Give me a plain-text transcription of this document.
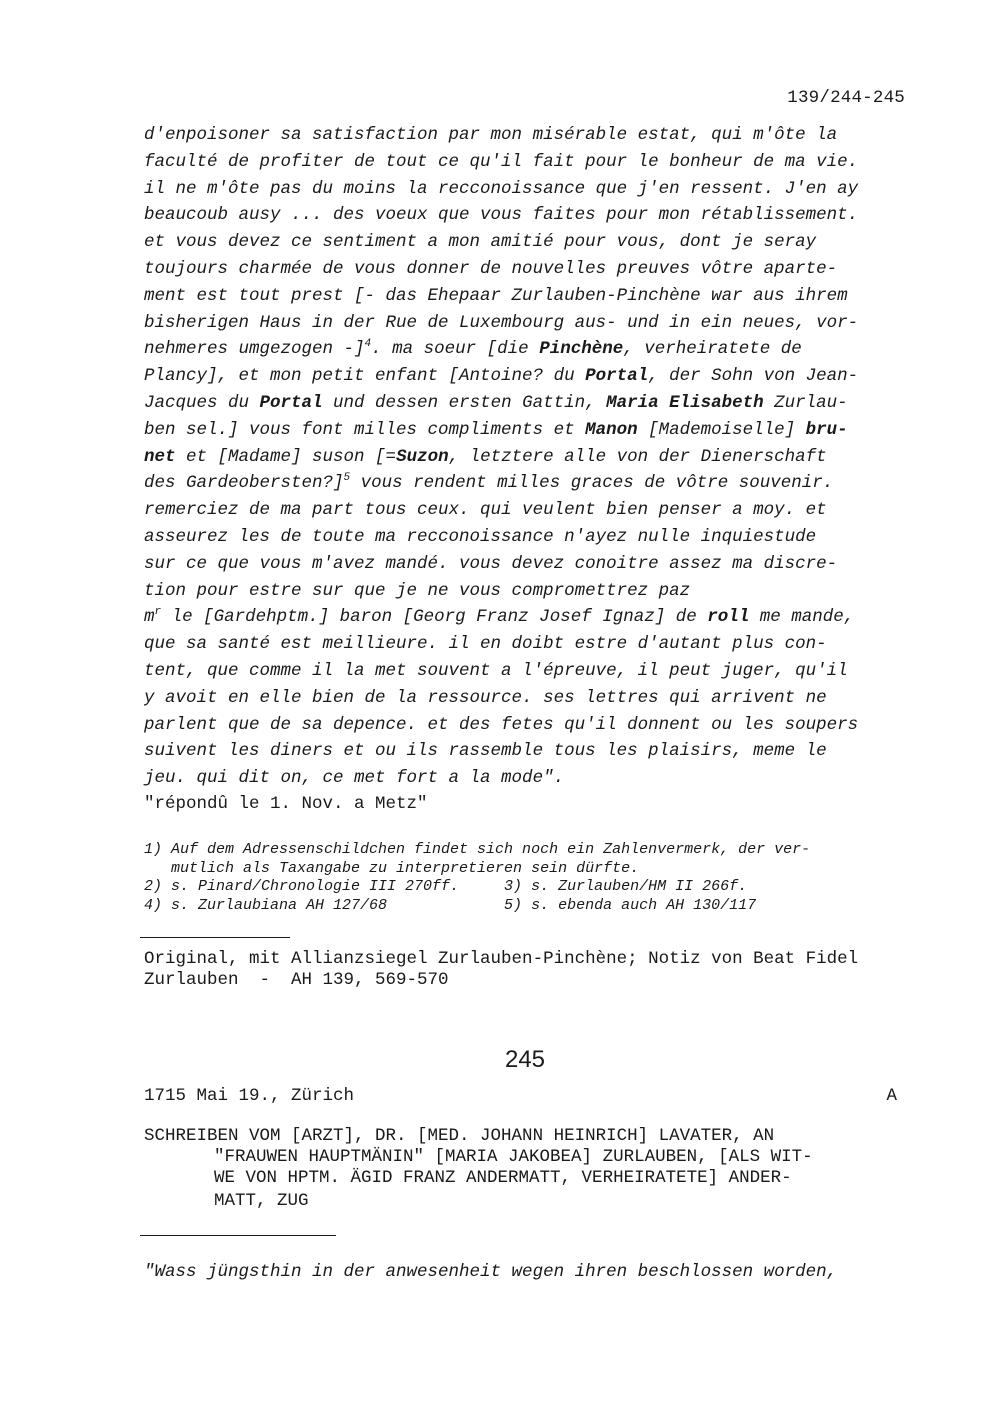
139/244-245
d'enpoisoner sa satisfaction par mon misérable estat, qui m'ôte la
faculté de profiter de tout ce qu'il fait pour le bonheur de ma vie.
il ne m'ôte pas du moins la recconoissance que j'en ressent. J'en ay
beaucoub ausy ... des voeux que vous faites pour mon rétablissement.
et vous devez ce sentiment a mon amitié pour vous, dont je seray
toujours charmée de vous donner de nouvelles preuves vôtre aparte-
ment est tout prest [- das Ehepaar Zurlauben-Pinchène war aus ihrem
bisherigen Haus in der Rue de Luxembourg aus- und in ein neues, vor-
nehmeres umgezogen -]$^4$. ma soeur [die Pinchène, verheiratete de
Plancy], et mon petit enfant [Antoine? du Portal, der Sohn von Jean-
Jacques du Portal und dessen ersten Gattin, Maria Elisabeth Zurlau-
ben sel.] vous font milles compliments et Manon [Mademoiselle] bru-
net et [Madame] suson [=Suzon, letztere alle von der Dienerschaft
des Gardeobersten?]$^5$ vous rendent milles graces de vôtre souvenir.
remerciez de ma part tous ceux. qui veulent bien penser a moy. et
asseurez les de toute ma recconoissance n'ayez nulle inquiestude
sur ce que vous m'avez mandé. vous devez conoitre assez ma discre-
tion pour estre sur que je ne vous compromettrez paz
$m^r$ le [Gardehptm.] baron [Georg Franz Josef Ignaz] de roll me mande,
que sa santé est meillieure. il en doibt estre d'autant plus con-
tent, que comme il la met souvent a l'épreuve, il peut juger, qu'il
y avoit en elle bien de la ressource. ses lettres qui arrivent ne
parlent que de sa depence. et des fetes qu'il donnent ou les soupers
suivent les diners et ou ils rassemble tous les plaisirs, meme le
jeu. qui dit on, ce met fort a la mode".
"répondû le 1. Nov. a Metz"
1) Auf dem Adressenschildchen findet sich noch ein Zahlenvermerk, der ver-
mutlich als Taxangabe zu interpretieren sein dürfte.
2) s. Pinard/Chronologie III 270ff.     3) s. Zurlauben/HM II 266f.
4) s. Zurlaubiana AH 127/68             5) s. ebenda auch AH 130/117
Original, mit Allianzsiegel Zurlauben-Pinchène; Notiz von Beat Fidel
Zurlauben  -  AH 139, 569-570
245
1715 Mai 19., Zürich	A
SCHREIBEN VOM [ARZT], DR. [MED. JOHANN HEINRICH] LAVATER, AN
"FRAUWEN HAUPTMÄNIN" [MARIA JAKOBEA] ZURLAUBEN, [ALS WIT-
WE VON HPTM. ÄGID FRANZ ANDERMATT, VERHEIRATETE] ANDER-
MATT, ZUG
"Wass jüngsthin in der anwesenheit wegen ihren beschlossen worden,
